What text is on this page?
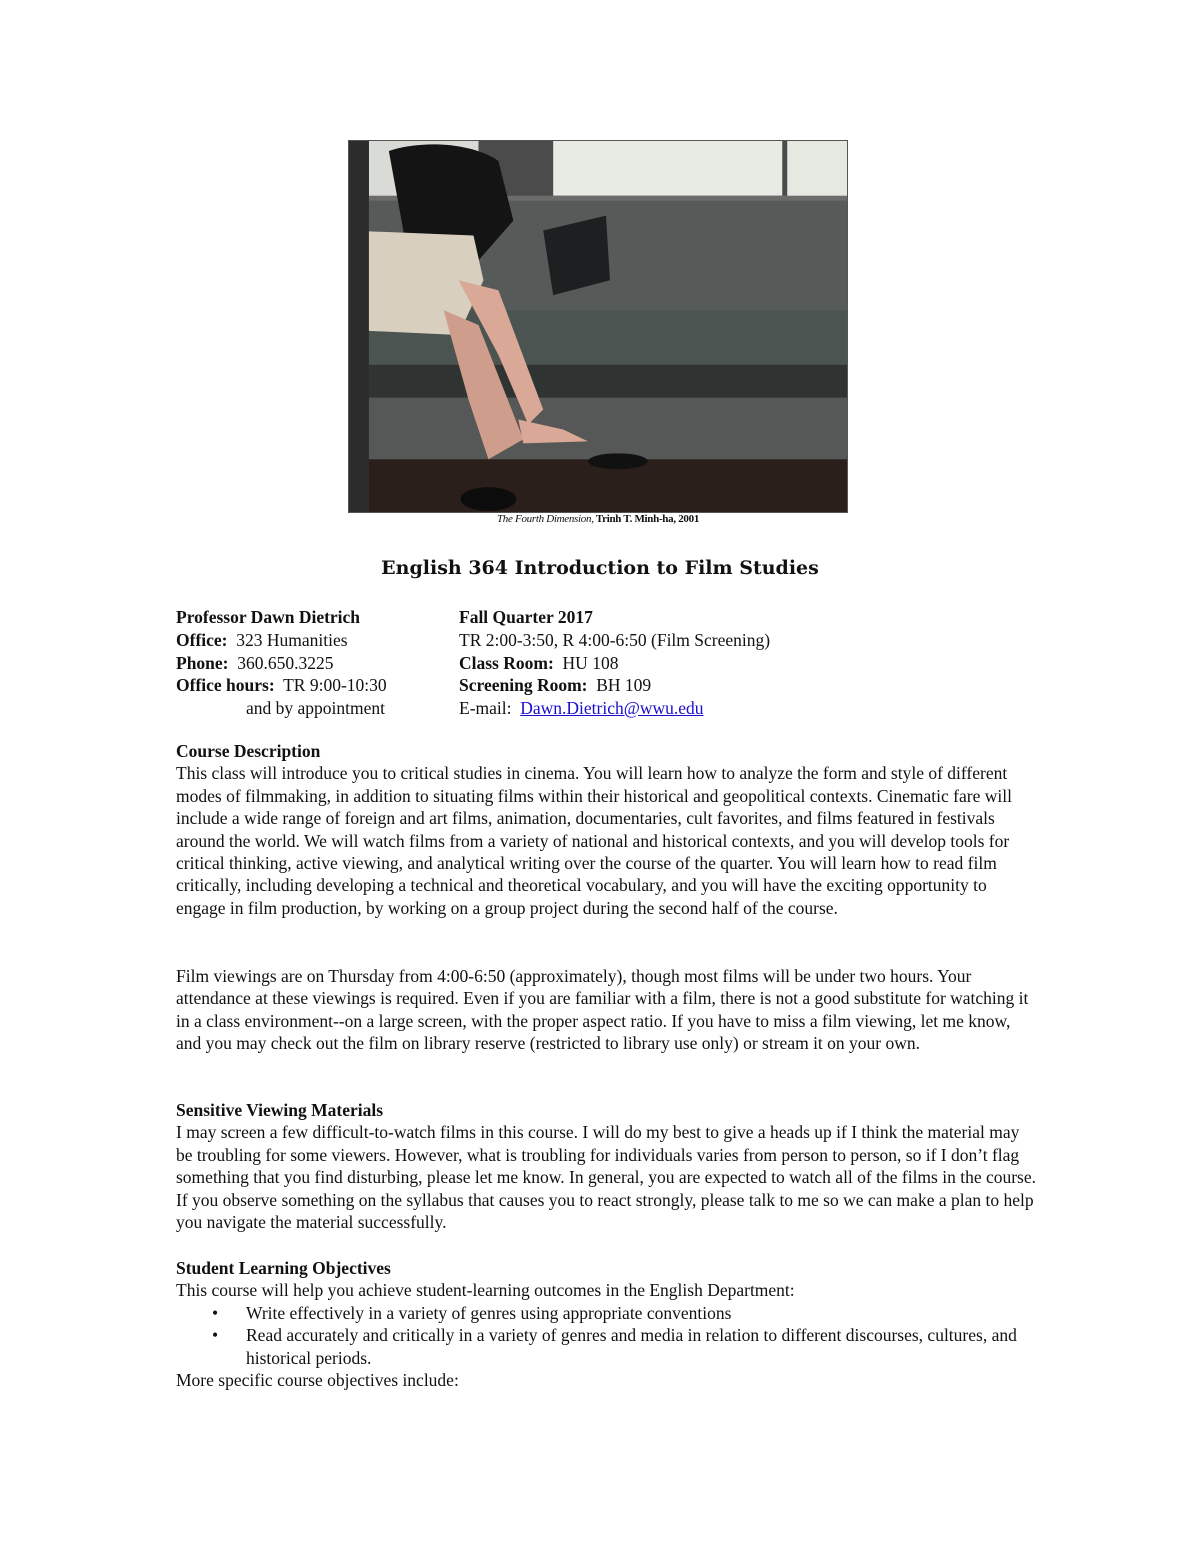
The Fourth Dimension, Trinh T. Minh-ha, 2001
English 364 Introduction to Film Studies
Professor Dawn Dietrich
Office: 323 Humanities
Phone: 360.650.3225
Office hours: TR 9:00-10:30
and by appointment
Fall Quarter 2017
TR 2:00-3:50, R 4:00-6:50 (Film Screening)
Class Room: HU 108
Screening Room: BH 109
E-mail: Dawn.Dietrich@wwu.edu
Course Description

This class will introduce you to critical studies in cinema. You will learn how to analyze the form and style of different modes of filmmaking, in addition to situating films within their historical and geopolitical contexts. Cinematic fare will include a wide range of foreign and art films, animation, documentaries, cult favorites, and films featured in festivals around the world. We will watch films from a variety of national and historical contexts, and you will develop tools for critical thinking, active viewing, and analytical writing over the course of the quarter. You will learn how to read film critically, including developing a technical and theoretical vocabulary, and you will have the exciting opportunity to engage in film production, by working on a group project during the second half of the course.

Film viewings are on Thursday from 4:00-6:50 (approximately), though most films will be under two hours. Your attendance at these viewings is required. Even if you are familiar with a film, there is not a good substitute for watching it in a class environment--on a large screen, with the proper aspect ratio. If you have to miss a film viewing, let me know, and you may check out the film on library reserve (restricted to library use only) or stream it on your own.

Sensitive Viewing Materials

I may screen a few difficult-to-watch films in this course. I will do my best to give a heads up if I think the material may be troubling for some viewers. However, what is troubling for individuals varies from person to person, so if I don’t flag something that you find disturbing, please let me know. In general, you are expected to watch all of the films in the course. If you observe something on the syllabus that causes you to react strongly, please talk to me so we can make a plan to help you navigate the material successfully.

Student Learning Objectives

This course will help you achieve student-learning outcomes in the English Department:

• Write effectively in a variety of genres using appropriate conventions
• Read accurately and critically in a variety of genres and media in relation to different discourses, cultures, and historical periods.

More specific course objectives include:
